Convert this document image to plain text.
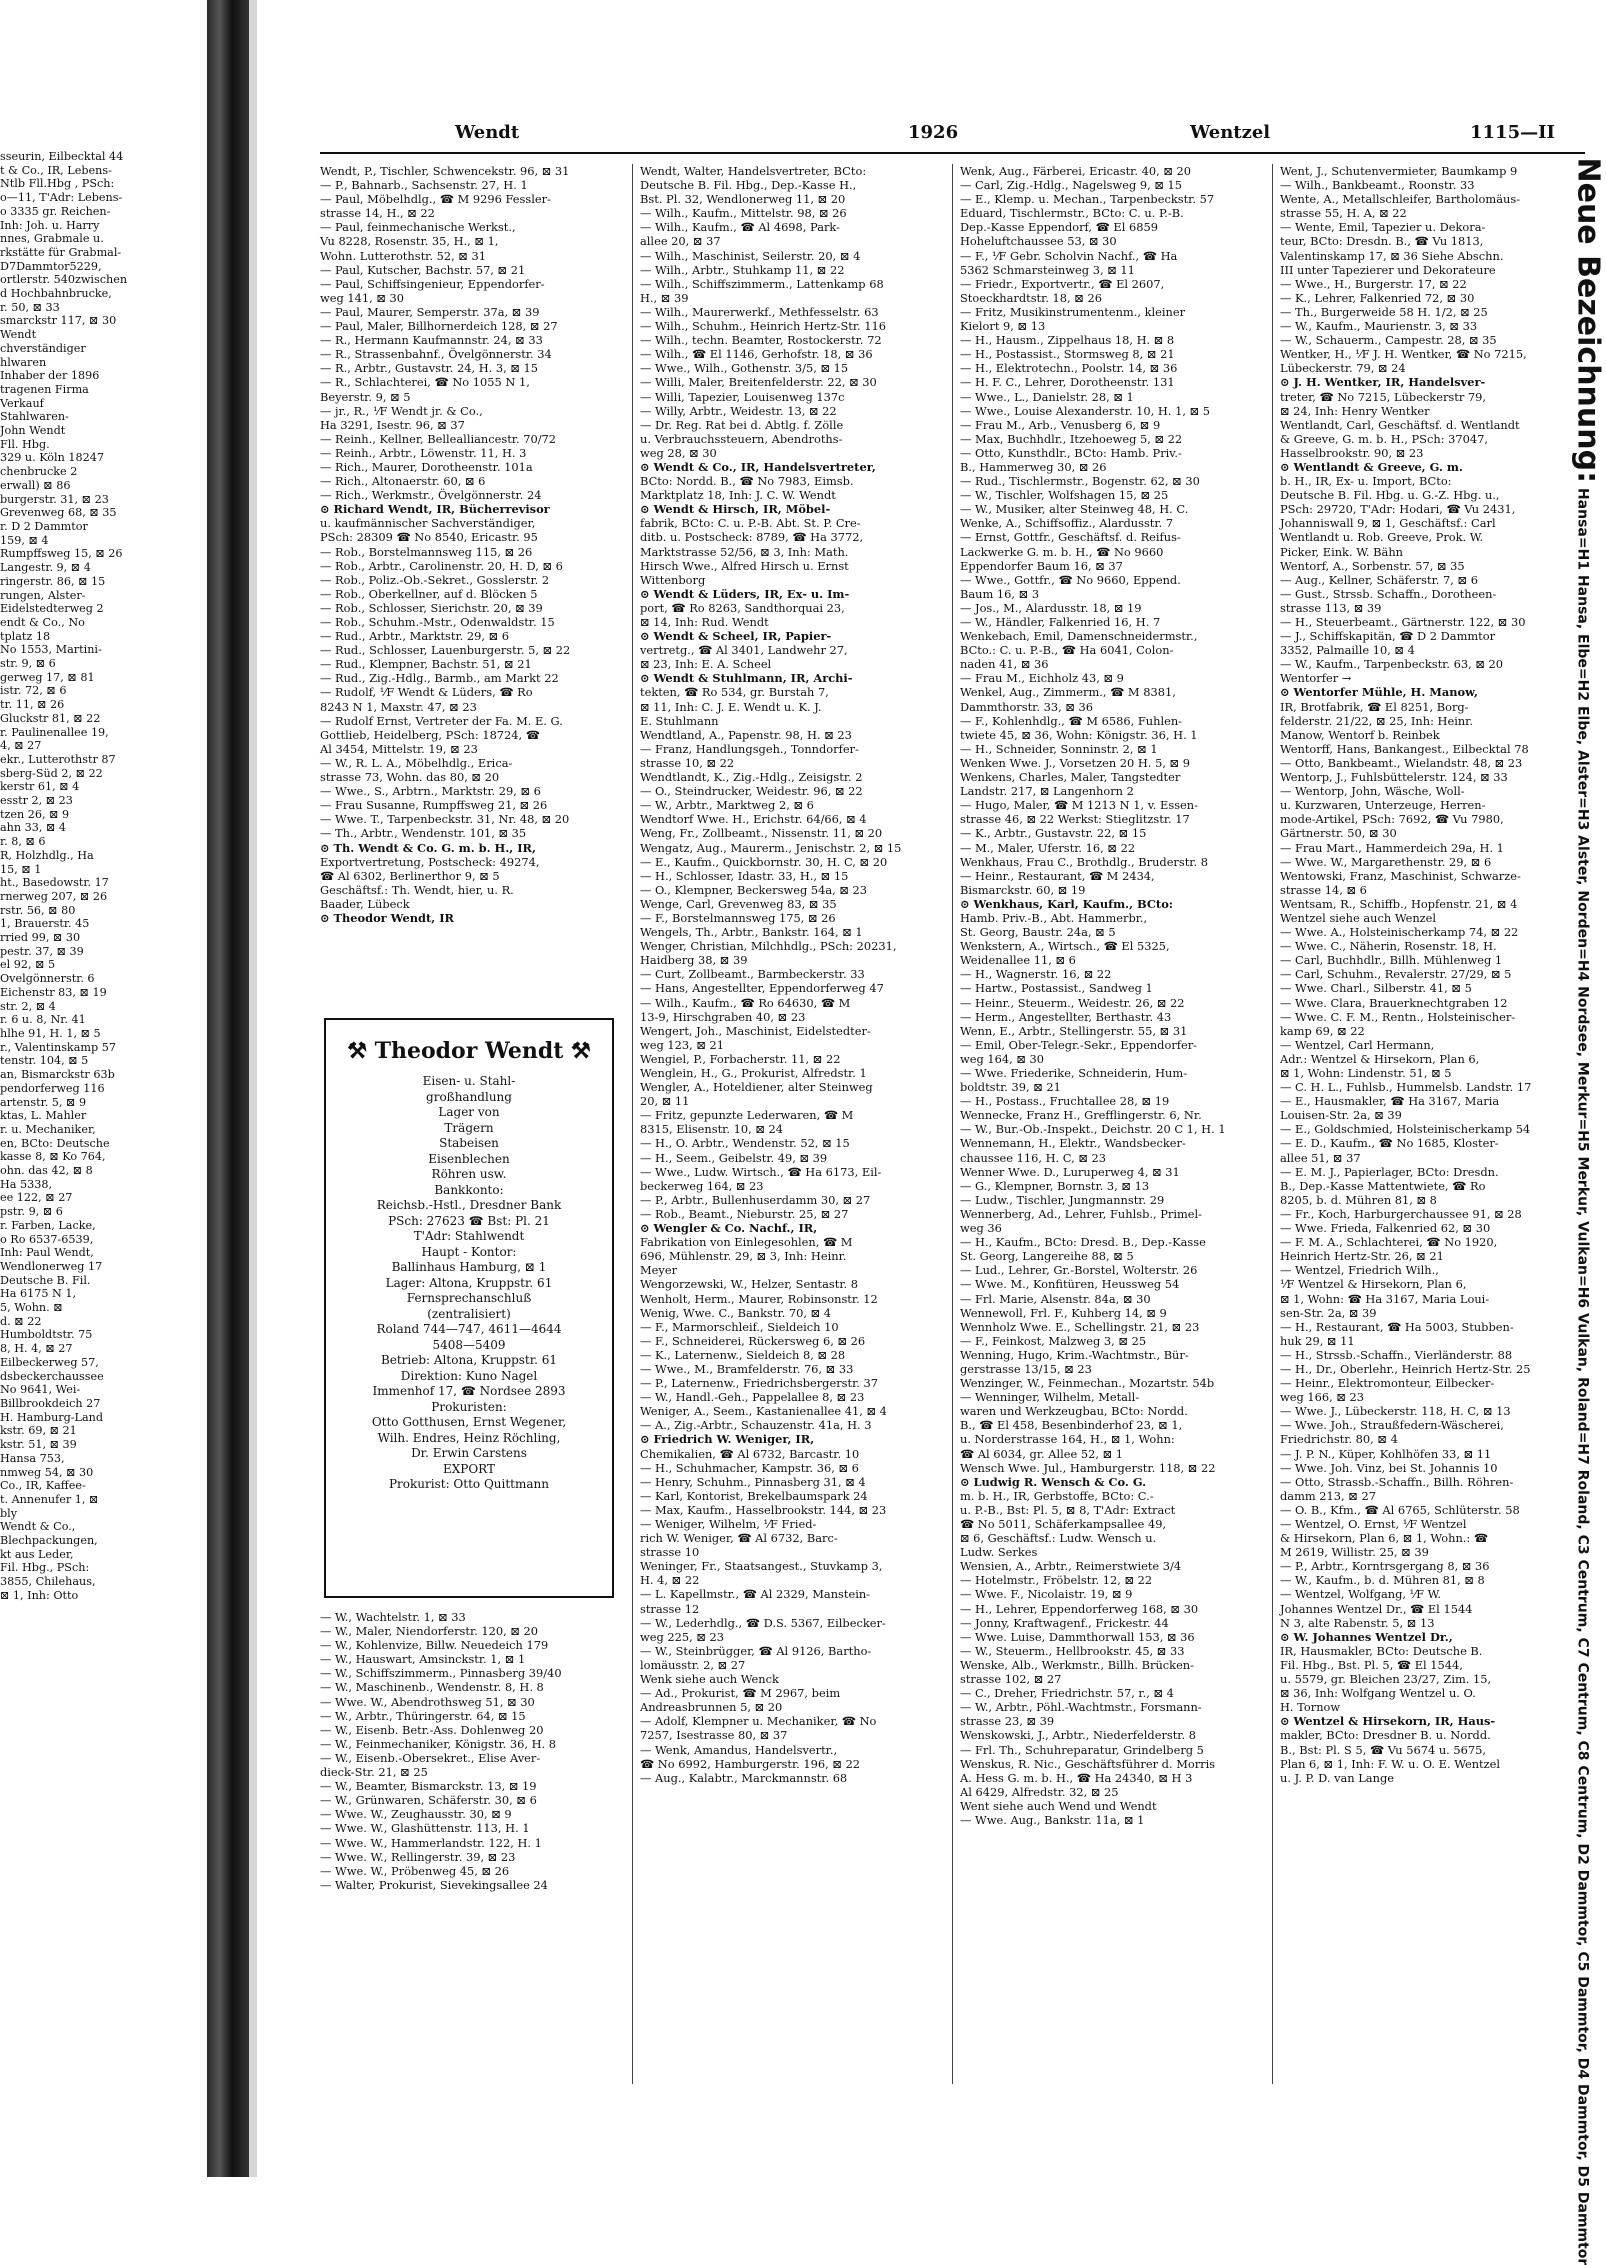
sseurin, Eilbecktal 44
t & Co., IR, Lebens-
Ntlb Fll.Hbg , PSch:
o—11, T'Adr: Lebens-
o 3335 gr. Reichen-
Inh: Joh. u. Harry
nnes, Grabmale u.
rkstätte für Grabmal-
D7Dammtor5229,
ortlerstr. 540zwischen
d Hochbahnbrucke,
r. 50, ⊠ 33
smarckstr 117, ⊠ 30
Wendt
chverständiger
hlwaren
Inhaber der 1896
tragenen Firma
Verkauf
Stahlwaren-
John Wendt
Fll. Hbg.
329 u. Köln 18247
chenbrucke 2
erwall) ⊠ 86
burgerstr. 31, ⊠ 23
Grevenweg 68, ⊠ 35
r. D 2 Dammtor
159, ⊠ 4
Rumpffsweg 15, ⊠ 26
Langestr. 9, ⊠ 4
ringerstr. 86, ⊠ 15
rungen, Alster-
Eidelstedterweg 2
endt & Co., No
tplatz 18
No 1553, Martini-
str. 9, ⊠ 6
gerweg 17, ⊠ 81
istr. 72, ⊠ 6
tr. 11, ⊠ 26
Gluckstr 81, ⊠ 22
r. Paulinenallee 19,
4, ⊠ 27
ekr., Lutterothstr 87
sberg-Süd 2, ⊠ 22
kerstr 61, ⊠ 4
esstr 2, ⊠ 23
tzen 26, ⊠ 9
ahn 33, ⊠ 4
r. 8, ⊠ 6
R, Holzhdlg., Ha
15, ⊠ 1
ht., Basedowstr. 17
rnerweg 207, ⊠ 26
rstr. 56, ⊠ 80
1, Brauerstr. 45
rried 99, ⊠ 30
pestr. 37, ⊠ 39
el 92, ⊠ 5
Ovelgönnerstr. 6
Eichenstr 83, ⊠ 19
str. 2, ⊠ 4
r. 6 u. 8, Nr. 41
hlhe 91, H. 1, ⊠ 5
r., Valentinskamp 57
tenstr. 104, ⊠ 5
an, Bismarckstr 63b
pendorferweg 116
artenstr. 5, ⊠ 9
ktas, L. Mahler
r. u. Mechaniker,
en, BCto: Deutsche
kasse 8, ⊠ Ko 764,
ohn. das 42, ⊠ 8
Ha 5338,
ee 122, ⊠ 27
pstr. 9, ⊠ 6
r. Farben, Lacke,
o Ro 6537-6539,
Inh: Paul Wendt,
Wendlonerweg 17
Deutsche B. Fil.
Ha 6175 N 1,
5, Wohn. ⊠
d. ⊠ 22
Humboldtstr. 75
8, H. 4, ⊠ 27
Eilbeckerweg 57,
dsbeckerchaussee
No 9641, Wei-
Billbrookdeich 27
H. Hamburg-Land
kstr. 69, ⊠ 21
kstr. 51, ⊠ 39
Hansa 753,
nmweg 54, ⊠ 30
Co., IR, Kaffee-
t. Annenufer 1, ⊠
bly
Wendt & Co.,
Blechpackungen,
kt aus Leder,
Fil. Hbg., PSch:
3855, Chilehaus,
⊠ 1, Inh: Otto
Wendt	1926	Wentzel	1115—II
Wendt, P., Tischler, Schwencekstr. 96, ⊠ 31
— P., Bahnarb., Sachsenstr. 27, H. 1
— Paul, Möbelhdlg., ☎ M 9296 Fessler-
strasse 14, H., ⊠ 22
— Paul, feinmechanische Werkst.,
Vu 8228, Rosenstr. 35, H., ⊠ 1,
Wohn. Lutterothstr. 52, ⊠ 31
— Paul, Kutscher, Bachstr. 57, ⊠ 21
— Paul, Schiffsingenieur, Eppendorfer-
weg 141, ⊠ 30
— Paul, Maurer, Semperstr. 37a, ⊠ 39
— Paul, Maler, Billhornerdeich 128, ⊠ 27
— R., Hermann Kaufmannstr. 24, ⊠ 33
— R., Strassenbahnf., Övelgönnerstr. 34
— R., Arbtr., Gustavstr. 24, H. 3, ⊠ 15
— R., Schlachterei, ☎ No 1055 N 1,
Beyerstr. 9, ⊠ 5
— jr., R., ⅟F Wendt jr. & Co.,
Ha 3291, Isestr. 96, ⊠ 37
— Reinh., Kellner, Bellealliancestr. 70/72
— Reinh., Arbtr., Löwenstr. 11, H. 3
— Rich., Maurer, Dorotheenstr. 101a
— Rich., Altonaerstr. 60, ⊠ 6
— Rich., Werkmstr., Övelgönnerstr. 24
⊙ Richard Wendt, IR, Bücherrevisor
u. kaufmännischer Sachverständiger,
PSch: 28309 ☎ No 8540, Ericastr. 95
— Rob., Borstelmannsweg 115, ⊠ 26
— Rob., Arbtr., Carolinenstr. 20, H. D, ⊠ 6
— Rob., Poliz.-Ob.-Sekret., Gosslerstr. 2
— Rob., Oberkellner, auf d. Blöcken 5
— Rob., Schlosser, Sierichstr. 20, ⊠ 39
— Rob., Schuhm.-Mstr., Odenwaldstr. 15
— Rud., Arbtr., Marktstr. 29, ⊠ 6
— Rud., Schlosser, Lauenburgerstr. 5, ⊠ 22
— Rud., Klempner, Bachstr. 51, ⊠ 21
— Rud., Zig.-Hdlg., Barmb., am Markt 22
— Rudolf, ⅟F Wendt & Lüders, ☎ Ro
8243 N 1, Maxstr. 47, ⊠ 23
— Rudolf Ernst, Vertreter der Fa. M. E. G.
Gottlieb, Heidelberg, PSch: 18724, ☎
Al 3454, Mittelstr. 19, ⊠ 23
— W., R. L. A., Möbelhdlg., Erica-
strasse 73, Wohn. das 80, ⊠ 20
— Wwe., S., Arbtrn., Marktstr. 29, ⊠ 6
— Frau Susanne, Rumpffsweg 21, ⊠ 26
— Wwe. T., Tarpenbeckstr. 31, Nr. 48, ⊠ 20
— Th., Arbtr., Wendenstr. 101, ⊠ 35
⊙ Th. Wendt & Co. G. m. b. H., IR,
Exportvertretung, Postscheck: 49274,
☎ Al 6302, Berlinerthor 9, ⊠ 5
Geschäftsf.: Th. Wendt, hier, u. R.
Baader, Lübeck
⊙ Theodor Wendt, IR
Wendt, Walter, Handelsvertreter, BCto:
Deutsche B. Fil. Hbg., Dep.-Kasse H.,
Bst. Pl. 32, Wendlonerweg 11, ⊠ 20
— Wilh., Kaufm., Mittelstr. 98, ⊠ 26
— Wilh., Kaufm., ☎ Al 4698, Park-
allee 20, ⊠ 37
— Wilh., Maschinist, Seilerstr. 20, ⊠ 4
— Wilh., Arbtr., Stuhkamp 11, ⊠ 22
— Wilh., Schiffszimmerm., Lattenkamp 68
H., ⊠ 39
— Wilh., Maurerwerkf., Methfesselstr. 63
— Wilh., Schuhm., Heinrich Hertz-Str. 116
— Wilh., techn. Beamter, Rostockerstr. 72
— Wilh., ☎ El 1146, Gerhofstr. 18, ⊠ 36
— Wwe., Wilh., Gothenstr. 3/5, ⊠ 15
— Willi, Maler, Breitenfelderstr. 22, ⊠ 30
— Willi, Tapezier, Louisenweg 137c
— Willy, Arbtr., Weidestr. 13, ⊠ 22
— Dr. Reg. Rat bei d. Abtlg. f. Zölle
u. Verbrauchssteuern, Abendroths-
weg 28, ⊠ 30
⊙ Wendt & Co., IR, Handelsvertreter,
BCto: Nordd. B., ☎ No 7983, Eimsb.
Marktplatz 18, Inh: J. C. W. Wendt
⊙ Wendt & Hirsch, IR, Möbel-
fabrik, BCto: C. u. P.-B. Abt. St. P. Cre-
ditb. u. Postscheck: 8789, ☎ Ha 3772,
Marktstrasse 52/56, ⊠ 3, Inh: Math.
Hirsch Wwe., Alfred Hirsch u. Ernst
Wittenborg
⊙ Wendt & Lüders, IR, Ex- u. Im-
port, ☎ Ro 8263, Sandthorquai 23,
⊠ 14, Inh: Rud. Wendt
⊙ Wendt & Scheel, IR, Papier-
vertretg., ☎ Al 3401, Landwehr 27,
⊠ 23, Inh: E. A. Scheel
⊙ Wendt & Stuhlmann, IR, Archi-
tekten, ☎ Ro 534, gr. Burstah 7,
⊠ 11, Inh: C. J. E. Wendt u. K. J.
E. Stuhlmann
Wendtland, A., Papenstr. 98, H. ⊠ 23
— Franz, Handlungsgeh., Tonndorfer-
strasse 10, ⊠ 22
Wendtlandt, K., Zig.-Hdlg., Zeisigstr. 2
— O., Steindrucker, Weidestr. 96, ⊠ 22
— W., Arbtr., Marktweg 2, ⊠ 6
Wendtorf Wwe. H., Erichstr. 64/66, ⊠ 4
Weng, Fr., Zollbeamt., Nissenstr. 11, ⊠ 20
Wengatz, Aug., Maurerm., Jenischstr. 2, ⊠ 15
— E., Kaufm., Quickbornstr. 30, H. C, ⊠ 20
— H., Schlosser, Idastr. 33, H., ⊠ 15
— O., Klempner, Beckersweg 54a, ⊠ 23
Wenge, Carl, Grevenweg 83, ⊠ 35
— F., Borstelmannsweg 175, ⊠ 26
Wengels, Th., Arbtr., Bankstr. 164, ⊠ 1
Wenger, Christian, Milchhdlg., PSch: 20231,
Haidberg 38, ⊠ 39
— Curt, Zollbeamt., Barmbeckerstr. 33
— Hans, Angestellter, Eppendorferweg 47
— Wilh., Kaufm., ☎ Ro 64630, ☎ M
13-9, Hirschgraben 40, ⊠ 23
Wengert, Joh., Maschinist, Eidelstedter-
weg 123, ⊠ 21
Wengiel, P., Forbacherstr. 11, ⊠ 22
Wenglein, H., G., Prokurist, Alfredstr. 1
Wengler, A., Hoteldiener, alter Steinweg
20, ⊠ 11
— Fritz, gepunzte Lederwaren, ☎ M
8315, Elisenstr. 10, ⊠ 24
— H., O. Arbtr., Wendenstr. 52, ⊠ 15
— H., Seem., Geibelstr. 49, ⊠ 39
— Wwe., Ludw. Wirtsch., ☎ Ha 6173, Eil-
beckerweg 164, ⊠ 23
— P., Arbtr., Bullenhuserdamm 30, ⊠ 27
— Rob., Beamt., Nieburstr. 25, ⊠ 27
⊙ Wengler & Co. Nachf., IR,
Fabrikation von Einlegesohlen, ☎ M
696, Mühlenstr. 29, ⊠ 3, Inh: Heinr.
Meyer
Wengorzewski, W., Helzer, Sentastr. 8
Wenholt, Herm., Maurer, Robinsonstr. 12
Wenig, Wwe. C., Bankstr. 70, ⊠ 4
— F., Marmorschleif., Sieldeich 10
— F., Schneiderei, Rückersweg 6, ⊠ 26
— K., Laternenw., Sieldeich 8, ⊠ 28
— Wwe., M., Bramfelderstr. 76, ⊠ 33
— P., Laternenw., Friedrichsbergerstr. 37
— W., Handl.-Geh., Pappelallee 8, ⊠ 23
Weniger, A., Seem., Kastanienallee 41, ⊠ 4
— A., Zig.-Arbtr., Schauzenstr. 41a, H. 3
⊙ Friedrich W. Weniger, IR,
Chemikalien, ☎ Al 6732, Barcastr. 10
— H., Schuhmacher, Kampstr. 36, ⊠ 6
— Henry, Schuhm., Pinnasberg 31, ⊠ 4
— Karl, Kontorist, Brekelbaumspark 24
— Max, Kaufm., Hasselbrookstr. 144, ⊠ 23
— Weniger, Wilhelm, ⅟F Fried-
rich W. Weniger, ☎ Al 6732, Barc-
strasse 10
Weninger, Fr., Staatsangest., Stuvkamp 3,
H. 4, ⊠ 22
— L. Kapellmstr., ☎ Al 2329, Manstein-
strasse 12
— W., Lederhdlg., ☎ D.S. 5367, Eilbecker-
weg 225, ⊠ 23
— W., Steinbrügger, ☎ Al 9126, Bartho-
lomäusstr. 2, ⊠ 27
Wenk siehe auch Wenck
— Ad., Prokurist, ☎ M 2967, beim
Andreasbrunnen 5, ⊠ 20
— Adolf, Klempner u. Mechaniker, ☎ No
7257, Isestrasse 80, ⊠ 37
— Wenk, Amandus, Handelsvertr.,
☎ No 6992, Hamburgerstr. 196, ⊠ 22
— Aug., Kalabtr., Marckmannstr. 68
Wenk, Aug., Färberei, Ericastr. 40, ⊠ 20
— Carl, Zig.-Hdlg., Nagelsweg 9, ⊠ 15
— E., Klemp. u. Mechan., Tarpenbeckstr. 57
Eduard, Tischlermstr., BCto: C. u. P.-B.
Dep.-Kasse Eppendorf, ☎ El 6859
Hoheluftchaussee 53, ⊠ 30
— F., ⅟F Gebr. Scholvin Nachf., ☎ Ha
5362 Schmarsteinweg 3, ⊠ 11
— Friedr., Exportvertr., ☎ El 2607,
Stoeckhardtstr. 18, ⊠ 26
— Fritz, Musikinstrumentenm., kleiner
Kielort 9, ⊠ 13
— H., Hausm., Zippelhaus 18, H. ⊠ 8
— H., Postassist., Stormsweg 8, ⊠ 21
— H., Elektrotechn., Poolstr. 14, ⊠ 36
— H. F. C., Lehrer, Dorotheenstr. 131
— Wwe., L., Danielstr. 28, ⊠ 1
— Wwe., Louise Alexanderstr. 10, H. 1, ⊠ 5
— Frau M., Arb., Venusberg 6, ⊠ 9
— Max, Buchhdlr., Itzehoeweg 5, ⊠ 22
— Otto, Kunsthdlr., BCto: Hamb. Priv.-
B., Hammerweg 30, ⊠ 26
— Rud., Tischlermstr., Bogenstr. 62, ⊠ 30
— W., Tischler, Wolfshagen 15, ⊠ 25
— W., Musiker, alter Steinweg 48, H. C.
Wenke, A., Schiffsoffiz., Alardusstr. 7
— Ernst, Gottfr., Geschäftsf. d. Reifus-
Lackwerke G. m. b. H., ☎ No 9660
Eppendorfer Baum 16, ⊠ 37
— Wwe., Gottfr., ☎ No 9660, Eppend.
Baum 16, ⊠ 3
— Jos., M., Alardusstr. 18, ⊠ 19
— W., Händler, Falkenried 16, H. 7
Wenkebach, Emil, Damenschneidermstr.,
BCto.: C. u. P.-B., ☎ Ha 6041, Colon-
naden 41, ⊠ 36
— Frau M., Eichholz 43, ⊠ 9
Wenkel, Aug., Zimmerm., ☎ M 8381,
Dammthorstr. 33, ⊠ 36
— F., Kohlenhdlg., ☎ M 6586, Fuhlen-
twiete 45, ⊠ 36, Wohn: Königstr. 36, H. 1
— H., Schneider, Sonninstr. 2, ⊠ 1
Wenken Wwe. J., Vorsetzen 20 H. 5, ⊠ 9
Wenkens, Charles, Maler, Tangstedter
Landstr. 217, ⊠ Langenhorn 2
— Hugo, Maler, ☎ M 1213 N 1, v. Essen-
strasse 46, ⊠ 22 Werkst: Stieglitzstr. 17
— K., Arbtr., Gustavstr. 22, ⊠ 15
— M., Maler, Uferstr. 16, ⊠ 22
Wenkhaus, Frau C., Brothdlg., Bruderstr. 8
— Heinr., Restaurant, ☎ M 2434,
Bismarckstr. 60, ⊠ 19
⊙ Wenkhaus, Karl, Kaufm., BCto:
Hamb. Priv.-B., Abt. Hammerbr.,
St. Georg, Baustr. 24a, ⊠ 5
Wenkstern, A., Wirtsch., ☎ El 5325,
Weidenallee 11, ⊠ 6
— H., Wagnerstr. 16, ⊠ 22
— Hartw., Postassist., Sandweg 1
— Heinr., Steuerm., Weidestr. 26, ⊠ 22
— Herm., Angestellter, Berthastr. 43
Wenn, E., Arbtr., Stellingerstr. 55, ⊠ 31
— Emil, Ober-Telegr.-Sekr., Eppendorfer-
weg 164, ⊠ 30
— Wwe. Friederike, Schneiderin, Hum-
boldtstr. 39, ⊠ 21
— H., Postass., Fruchtallee 28, ⊠ 19
Wennecke, Franz H., Grefflingerstr. 6, Nr.
— W., Bur.-Ob.-Inspekt., Deichstr. 20 C 1, H. 1
Wennemann, H., Elektr., Wandsbecker-
chaussee 116, H. C, ⊠ 23
Wenner Wwe. D., Luruperweg 4, ⊠ 31
— G., Klempner, Bornstr. 3, ⊠ 13
— Ludw., Tischler, Jungmannstr. 29
Wennerberg, Ad., Lehrer, Fuhlsb., Primel-
weg 36
— H., Kaufm., BCto: Dresd. B., Dep.-Kasse
St. Georg, Langereihe 88, ⊠ 5
— Lud., Lehrer, Gr.-Borstel, Wolterstr. 26
— Wwe. M., Konfitüren, Heussweg 54
— Frl. Marie, Alsenstr. 84a, ⊠ 30
Wennewoll, Frl. F., Kuhberg 14, ⊠ 9
Wennholz Wwe. E., Schellingstr. 21, ⊠ 23
— F., Feinkost, Malzweg 3, ⊠ 25
Wenning, Hugo, Krim.-Wachtmstr., Bür-
gerstrasse 13/15, ⊠ 23
Wenzinger, W., Feinmechan., Mozartstr. 54b
— Wenninger, Wilhelm, Metall-
waren und Werkzeugbau, BCto: Nordd.
B., ☎ El 458, Besenbinderhof 23, ⊠ 1,
u. Norderstrasse 164, H., ⊠ 1, Wohn:
☎ Al 6034, gr. Allee 52, ⊠ 1
Wensch Wwe. Jul., Hamburgerstr. 118, ⊠ 22
⊙ Ludwig R. Wensch & Co. G.
m. b. H., IR, Gerbstoffe, BCto: C.-
u. P.-B., Bst: Pl. 5, ⊠ 8, T'Adr: Extract
☎ No 5011, Schäferkampsallee 49,
⊠ 6, Geschäftsf.: Ludw. Wensch u.
Ludw. Serkes
Wensien, A., Arbtr., Reimerstwiete 3/4
— Hotelmstr., Fröbelstr. 12, ⊠ 22
— Wwe. F., Nicolaistr. 19, ⊠ 9
— H., Lehrer, Eppendorferweg 168, ⊠ 30
— Jonny, Kraftwagenf., Frickestr. 44
— Wwe. Luise, Dammthorwall 153, ⊠ 36
— W., Steuerm., Hellbrookstr. 45, ⊠ 33
Wenske, Alb., Werkmstr., Billh. Brücken-
strasse 102, ⊠ 27
— C., Dreher, Friedrichstr. 57, r., ⊠ 4
— W., Arbtr., Pöhl.-Wachtmstr., Forsmann-
strasse 23, ⊠ 39
Wenskowski, J., Arbtr., Niederfelderstr. 8
— Frl. Th., Schuhreparatur, Grindelberg 5
Wenskus, R. Nic., Geschäftsführer d. Morris
A. Hess G. m. b. H., ☎ Ha 24340, ⊠ H 3
Al 6429, Alfredstr. 32, ⊠ 25
Went siehe auch Wend und Wendt
— Wwe. Aug., Bankstr. 11a, ⊠ 1
Went, J., Schutenvermieter, Baumkamp 9
— Wilh., Bankbeamt., Roonstr. 33
Wente, A., Metallschleifer, Bartholomäus-
strasse 55, H. A, ⊠ 22
— Wente, Emil, Tapezier u. Dekora-
teur, BCto: Dresdn. B., ☎ Vu 1813,
Valentinskamp 17, ⊠ 36 Siehe Abschn.
III unter Tapezierer und Dekorateure
— Wwe., H., Burgerstr. 17, ⊠ 22
— K., Lehrer, Falkenried 72, ⊠ 30
— Th., Burgerweide 58 H. 1/2, ⊠ 25
— W., Kaufm., Maurienstr. 3, ⊠ 33
— W., Schauerm., Campestr. 28, ⊠ 35
Wentker, H., ⅟F J. H. Wentker, ☎ No 7215,
Lübeckerstr. 79, ⊠ 24
⊙ J. H. Wentker, IR, Handelsver-
treter, ☎ No 7215, Lübeckerstr 79,
⊠ 24, Inh: Henry Wentker
Wentlandt, Carl, Geschäftsf. d. Wentlandt
& Greeve, G. m. b. H., PSch: 37047,
Hasselbrookstr. 90, ⊠ 23
⊙ Wentlandt & Greeve, G. m.
b. H., IR, Ex- u. Import, BCto:
Deutsche B. Fil. Hbg. u. G.-Z. Hbg. u.,
PSch: 29720, T'Adr: Hodari, ☎ Vu 2431,
Johanniswall 9, ⊠ 1, Geschäftsf.: Carl
Wentlandt u. Rob. Greeve, Prok. W.
Picker, Eink. W. Bähn
Wentorf, A., Sorbenstr. 57, ⊠ 35
— Aug., Kellner, Schäferstr. 7, ⊠ 6
— Gust., Strssb. Schaffn., Dorotheen-
strasse 113, ⊠ 39
— H., Steuerbeamt., Gärtnerstr. 122, ⊠ 30
— J., Schiffskapitän, ☎ D 2 Dammtor
3352, Palmaille 10, ⊠ 4
— W., Kaufm., Tarpenbeckstr. 63, ⊠ 20
Wentorfer →
⊙ Wentorfer Mühle, H. Manow,
IR, Brotfabrik, ☎ El 8251, Borg-
felderstr. 21/22, ⊠ 25, Inh: Heinr.
Manow, Wentorf b. Reinbek
Wentorff, Hans, Bankangest., Eilbecktal 78
— Otto, Bankbeamt., Wielandstr. 48, ⊠ 23
Wentorp, J., Fuhlsbüttelerstr. 124, ⊠ 33
— Wentorp, John, Wäsche, Woll-
u. Kurzwaren, Unterzeuge, Herren-
mode-Artikel, PSch: 7692, ☎ Vu 7980,
Gärtnerstr. 50, ⊠ 30
— Frau Mart., Hammerdeich 29a, H. 1
— Wwe. W., Margarethenstr. 29, ⊠ 6
Wentowski, Franz, Maschinist, Schwarze-
strasse 14, ⊠ 6
Wentsam, R., Schiffb., Hopfenstr. 21, ⊠ 4
Wentzel siehe auch Wenzel
— Wwe. A., Holsteinischerkamp 74, ⊠ 22
— Wwe. C., Näherin, Rosenstr. 18, H.
— Carl, Buchhdlr., Billh. Mühlenweg 1
— Carl, Schuhm., Revalerstr. 27/29, ⊠ 5
— Wwe. Charl., Silberstr. 41, ⊠ 5
— Wwe. Clara, Brauerknechtgraben 12
— Wwe. C. F. M., Rentn., Holsteinischer-
kamp 69, ⊠ 22
— Wentzel, Carl Hermann,
Adr.: Wentzel & Hirsekorn, Plan 6,
⊠ 1, Wohn: Lindenstr. 51, ⊠ 5
— C. H. L., Fuhlsb., Hummelsb. Landstr. 17
— E., Hausmakler, ☎ Ha 3167, Maria
Louisen-Str. 2a, ⊠ 39
— E., Goldschmied, Holsteinischerkamp 54
— E. D., Kaufm., ☎ No 1685, Kloster-
allee 51, ⊠ 37
— E. M. J., Papierlager, BCto: Dresdn.
B., Dep.-Kasse Mattentwiete, ☎ Ro
8205, b. d. Mühren 81, ⊠ 8
— Fr., Koch, Harburgerchaussee 91, ⊠ 28
— Wwe. Frieda, Falkenried 62, ⊠ 30
— F. M. A., Schlachterei, ☎ No 1920,
Heinrich Hertz-Str. 26, ⊠ 21
— Wentzel, Friedrich Wilh.,
⅟F Wentzel & Hirsekorn, Plan 6,
⊠ 1, Wohn: ☎ Ha 3167, Maria Loui-
sen-Str. 2a, ⊠ 39
— H., Restaurant, ☎ Ha 5003, Stubben-
huk 29, ⊠ 11
— H., Strssb.-Schaffn., Vierländerstr. 88
— H., Dr., Oberlehr., Heinrich Hertz-Str. 25
— Heinr., Elektromonteur, Eilbecker-
weg 166, ⊠ 23
— Wwe. J., Lübeckerstr. 118, H. C, ⊠ 13
— Wwe. Joh., Straußfedern-Wäscherei,
Friedrichstr. 80, ⊠ 4
— J. P. N., Küper, Kohlhöfen 33, ⊠ 11
— Wwe. Joh. Vinz, bei St. Johannis 10
— Otto, Strassb.-Schaffn., Billh. Röhren-
damm 213, ⊠ 27
— O. B., Kfm., ☎ Al 6765, Schlüterstr. 58
— Wentzel, O. Ernst, ⅟F Wentzel
& Hirsekorn, Plan 6, ⊠ 1, Wohn.: ☎
M 2619, Willistr. 25, ⊠ 39
— P., Arbtr., Korntrsgergang 8, ⊠ 36
— W., Kaufm., b. d. Mühren 81, ⊠ 8
— Wentzel, Wolfgang, ⅟F W.
Johannes Wentzel Dr., ☎ El 1544
N 3, alte Rabenstr. 5, ⊠ 13
⊙ W. Johannes Wentzel Dr.,
IR, Hausmakler, BCto: Deutsche B.
Fil. Hbg., Bst. Pl. 5, ☎ El 1544,
u. 5579, gr. Bleichen 23/27, Zim. 15,
⊠ 36, Inh: Wolfgang Wentzel u. O.
H. Tornow
⊙ Wentzel & Hirsekorn, IR, Haus-
makler, BCto: Dresdner B. u. Nordd.
B., Bst: Pl. S 5, ☎ Vu 5674 u. 5675,
Plan 6, ⊠ 1, Inh: F. W. u. O. E. Wentzel
u. J. P. D. van Lange
⚒ Theodor Wendt ⚒
Eisen- u. Stahl-
großhandlung
Lager von
Trägern
Stabeisen
Eisenblechen
Röhren usw.
Bankkonto:
Reichsb.-Hstl., Dresdner Bank
PSch: 27623 ☎ Bst: Pl. 21
T'Adr: Stahlwendt
Haupt - Kontor:
Ballinhaus Hamburg, ⊠ 1
Lager: Altona, Kruppstr. 61
Fernsprechanschluß
(zentralisiert)
Roland 744—747, 4611—4644
5408—5409
Betrieb: Altona, Kruppstr. 61
Direktion: Kuno Nagel
Immenhof 17, ☎ Nordsee 2893
Prokuristen:
Otto Gotthusen, Ernst Wegener,
Wilh. Endres, Heinz Röchling,
Dr. Erwin Carstens
EXPORT
Prokurist: Otto Quittmann
— W., Wachtelstr. 1, ⊠ 33
— W., Maler, Niendorferstr. 120, ⊠ 20
— W., Kohlenvize, Billw. Neuedeich 179
— W., Hauswart, Amsinckstr. 1, ⊠ 1
— W., Schiffszimmerm., Pinnasberg 39/40
— W., Maschinenb., Wendenstr. 8, H. 8
— Wwe. W., Abendrothsweg 51, ⊠ 30
— W., Arbtr., Thüringerstr. 64, ⊠ 15
— W., Eisenb. Betr.-Ass. Dohlenweg 20
— W., Feinmechaniker, Königstr. 36, H. 8
— W., Eisenb.-Obersekret., Elise Aver-
dieck-Str. 21, ⊠ 25
— W., Beamter, Bismarckstr. 13, ⊠ 19
— W., Grünwaren, Schäferstr. 30, ⊠ 6
— Wwe. W., Zeughausstr. 30, ⊠ 9
— Wwe. W., Glashüttenstr. 113, H. 1
— Wwe. W., Hammerlandstr. 122, H. 1
— Wwe. W., Rellingerstr. 39, ⊠ 23
— Wwe. W., Pröbenweg 45, ⊠ 26
— Walter, Prokurist, Sievekingsallee 24
Neue Bezeichnung: Hansa=H1 Hansa, Elbe=H2 Elbe, Alster=H3 Alster, Norden=H4 Nordsee, Merkur=H5 Merkur, Vulkan=H6 Vulkan, Roland=H7 Roland, C3 Centrum, C7 Centrum, C8 Centrum, D2 Dammtor, C5 Dammtor, D4 Dammtor, D5 Dammtor
